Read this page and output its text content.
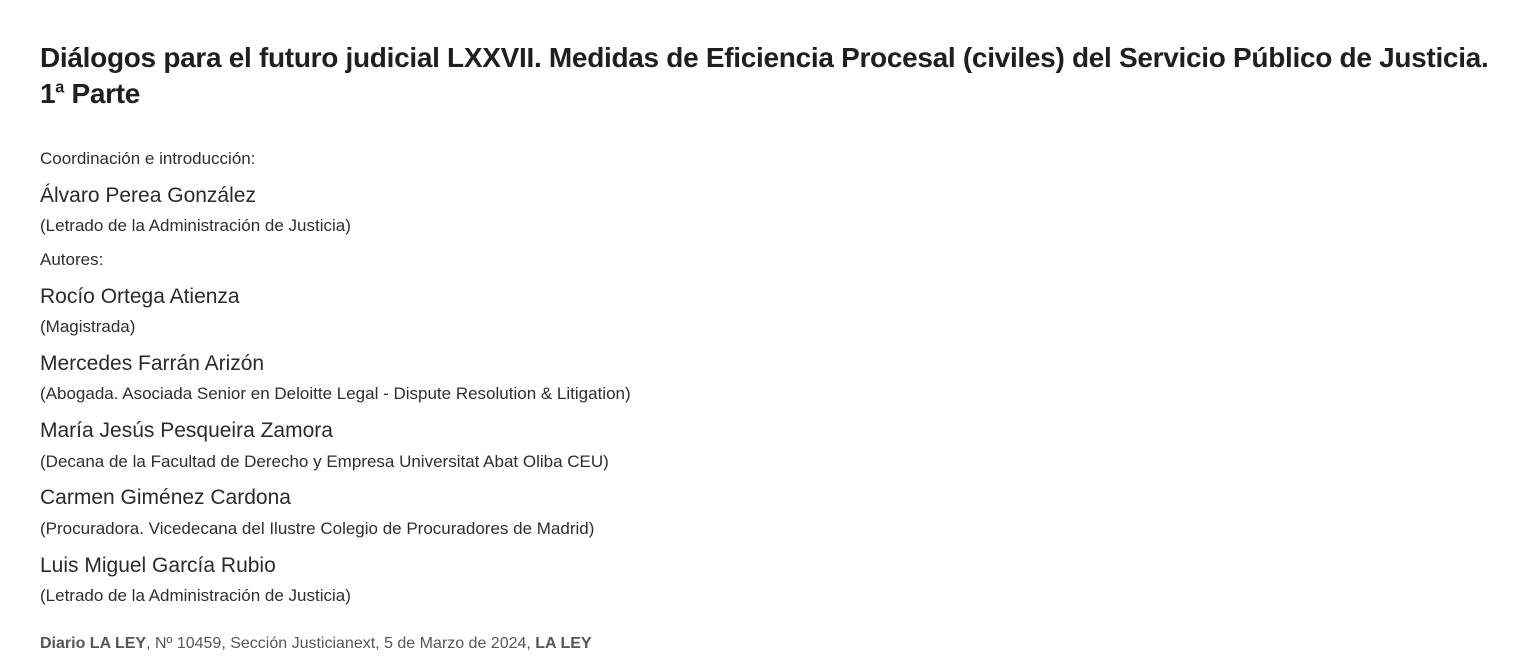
Diálogos para el futuro judicial LXXVII. Medidas de Eficiencia Procesal (civiles) del Servicio Público de Justicia. 1$^a$ Parte
Coordinación e introducción:
Álvaro Perea González
(Letrado de la Administración de Justicia)
Autores:
Rocío Ortega Atienza
(Magistrada)
Mercedes Farrán Arizón
(Abogada. Asociada Senior en Deloitte Legal - Dispute Resolution & Litigation)
María Jesús Pesqueira Zamora
(Decana de la Facultad de Derecho y Empresa Universitat Abat Oliba CEU)
Carmen Giménez Cardona
(Procuradora. Vicedecana del Ilustre Colegio de Procuradores de Madrid)
Luis Miguel García Rubio
(Letrado de la Administración de Justicia)
Diario LA LEY, Nº 10459, Sección Justicianext, 5 de Marzo de 2024, LA LEY
